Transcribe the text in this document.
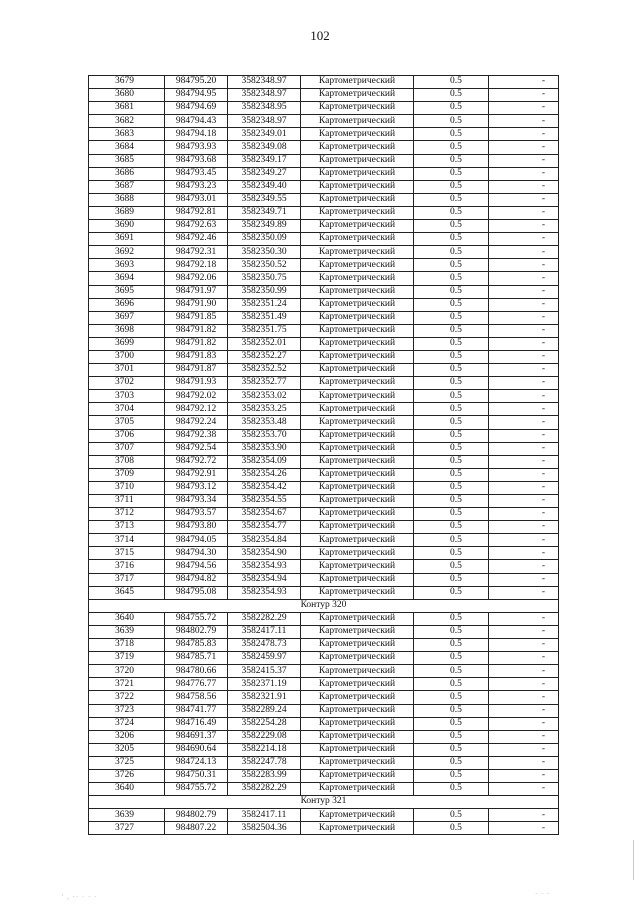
102
3679	984795.20	3582348.97	Картометрический	0.5	-
3680	984794.95	3582348.97	Картометрический	0.5	-
3681	984794.69	3582348.95	Картометрический	0.5	-
3682	984794.43	3582348.97	Картометрический	0.5	-
3683	984794.18	3582349.01	Картометрический	0.5	-
3684	984793.93	3582349.08	Картометрический	0.5	-
3685	984793.68	3582349.17	Картометрический	0.5	-
3686	984793.45	3582349.27	Картометрический	0.5	-
3687	984793.23	3582349.40	Картометрический	0.5	-
3688	984793.01	3582349.55	Картометрический	0.5	-
3689	984792.81	3582349.71	Картометрический	0.5	-
3690	984792.63	3582349.89	Картометрический	0.5	-
3691	984792.46	3582350.09	Картометрический	0.5	-
3692	984792.31	3582350.30	Картометрический	0.5	-
3693	984792.18	3582350.52	Картометрический	0.5	-
3694	984792.06	3582350.75	Картометрический	0.5	-
3695	984791.97	3582350.99	Картометрический	0.5	-
3696	984791.90	3582351.24	Картометрический	0.5	-
3697	984791.85	3582351.49	Картометрический	0.5	-
3698	984791.82	3582351.75	Картометрический	0.5	-
3699	984791.82	3582352.01	Картометрический	0.5	-
3700	984791.83	3582352.27	Картометрический	0.5	-
3701	984791.87	3582352.52	Картометрический	0.5	-
3702	984791.93	3582352.77	Картометрический	0.5	-
3703	984792.02	3582353.02	Картометрический	0.5	-
3704	984792.12	3582353.25	Картометрический	0.5	-
3705	984792.24	3582353.48	Картометрический	0.5	-
3706	984792.38	3582353.70	Картометрический	0.5	-
3707	984792.54	3582353.90	Картометрический	0.5	-
3708	984792.72	3582354.09	Картометрический	0.5	-
3709	984792.91	3582354.26	Картометрический	0.5	-
3710	984793.12	3582354.42	Картометрический	0.5	-
3711	984793.34	3582354.55	Картометрический	0.5	-
3712	984793.57	3582354.67	Картометрический	0.5	-
3713	984793.80	3582354.77	Картометрический	0.5	-
3714	984794.05	3582354.84	Картометрический	0.5	-
3715	984794.30	3582354.90	Картометрический	0.5	-
3716	984794.56	3582354.93	Картометрический	0.5	-
3717	984794.82	3582354.94	Картометрический	0.5	-
3645	984795.08	3582354.93	Картометрический	0.5	-
Контур 320					
3640	984755.72	3582282.29	Картометрический	0.5	-
3639	984802.79	3582417.11	Картометрический	0.5	-
3718	984785.83	3582478.73	Картометрический	0.5	-
3719	984785.71	3582459.97	Картометрический	0.5	-
3720	984780.66	3582415.37	Картометрический	0.5	-
3721	984776.77	3582371.19	Картометрический	0.5	-
3722	984758.56	3582321.91	Картометрический	0.5	-
3723	984741.77	3582289.24	Картометрический	0.5	-
3724	984716.49	3582254.28	Картометрический	0.5	-
3206	984691.37	3582229.08	Картометрический	0.5	-
3205	984690.64	3582214.18	Картометрический	0.5	-
3725	984724.13	3582247.78	Картометрический	0.5	-
3726	984750.31	3582283.99	Картометрический	0.5	-
3640	984755.72	3582282.29	Картометрический	0.5	-
Контур 321					
3639	984802.79	3582417.11	Картометрический	0.5	-
3727	984807.22	3582504.36	Картометрический	0.5	-
' , ·· · · ·	· · ·
